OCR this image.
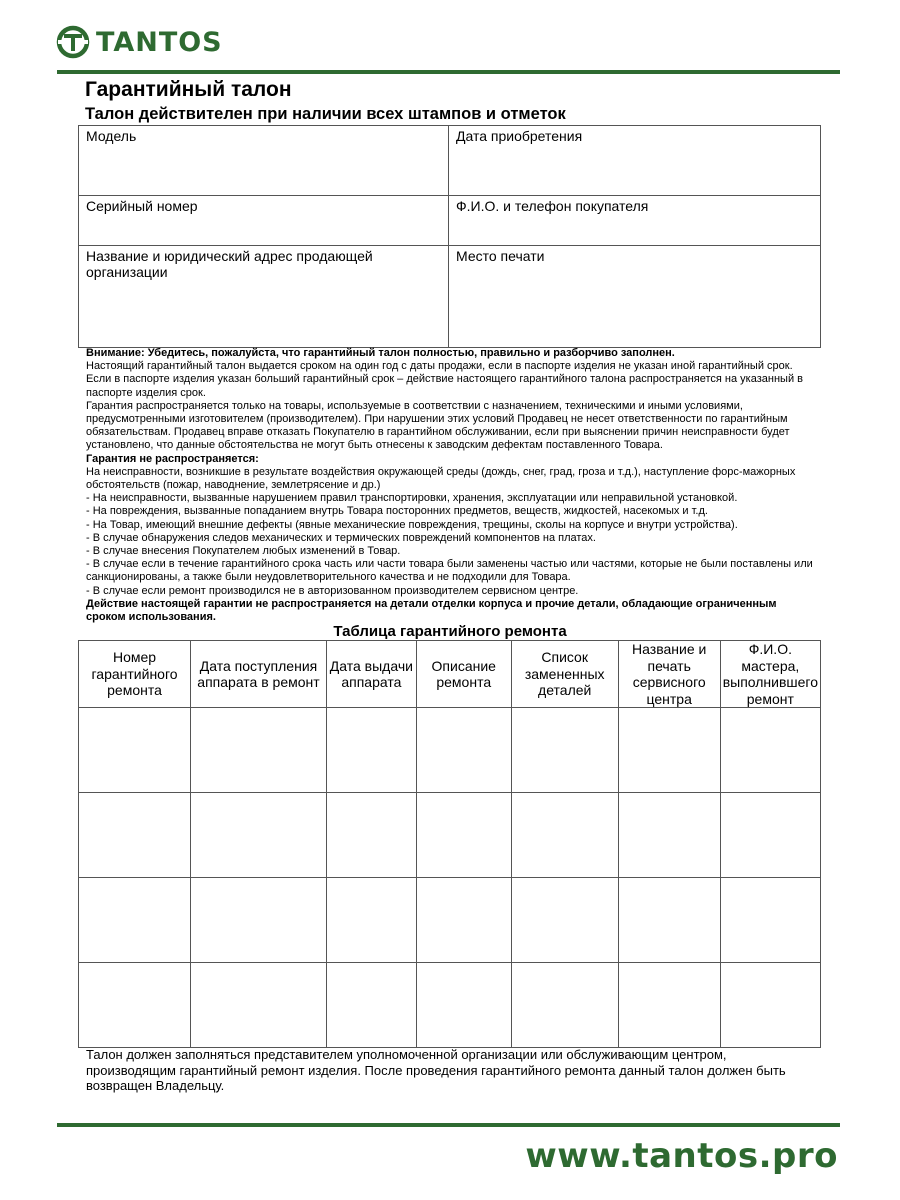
TANTOS
Гарантийный талон
Талон действителен при наличии всех штампов и отметок
Модель	Дата приобретения
Серийный номер	Ф.И.О. и телефон покупателя
Название и юридический адрес продающей организации	Место печати

Внимание: Убедитесь, пожалуйста, что гарантийный талон полностью, правильно и разборчиво заполнен.

Настоящий гарантийный талон выдается сроком на один год с даты продажи, если в паспорте изделия не указан иной гарантийный срок. Если в паспорте изделия указан больший гарантийный срок – действие настоящего гарантийного талона распространяется на указанный в паспорте изделия срок.

Гарантия распространяется только на товары, используемые в соответствии с назначением, техническими и иными условиями, предусмотренными изготовителем (производителем). При нарушении этих условий Продавец не несет ответственности по гарантийным обязательствам. Продавец вправе отказать Покупателю в гарантийном обслуживании, если при выяснении причин неисправности будет установлено, что данные обстоятельства не могут быть отнесены к заводским дефектам поставленного Товара.

Гарантия не распространяется:

На неисправности, возникшие в результате воздействия окружающей среды (дождь, снег, град, гроза и т.д.), наступление форс-мажорных обстоятельств (пожар, наводнение, землетрясение и др.)

- На неисправности, вызванные нарушением правил транспортировки, хранения, эксплуатации или неправильной установкой.

- На повреждения, вызванные попаданием внутрь Товара посторонних предметов, веществ, жидкостей, насекомых и т.д.

- На Товар, имеющий внешние дефекты (явные механические повреждения, трещины, сколы на корпусе и внутри устройства).

- В случае обнаружения следов механических и термических повреждений компонентов на платах.

- В случае внесения Покупателем любых изменений в Товар.

- В случае если в течение гарантийного срока часть или части товара были заменены частью или частями, которые не были поставлены или санкционированы, а также были неудовлетворительного качества и не подходили для Товара.

- В случае если ремонт производился не в авторизованном производителем сервисном центре.

Действие настоящей гарантии не распространяется на детали отделки корпуса и прочие детали, обладающие ограниченным сроком использования.

Таблица гарантийного ремонта
Номер гарантийного ремонта	Дата поступления аппарата в ремонт	Дата выдачи аппарата	Описание ремонта	Список замененных деталей	Название и печать сервисного центра	Ф.И.О. мастера, выполнившего ремонт

Талон должен заполняться представителем уполномоченной организации или обслуживающим центром, производящим гарантийный ремонт изделия. После проведения гарантийного ремонта данный талон должен быть возвращен Владельцу.
www.tantos.pro
